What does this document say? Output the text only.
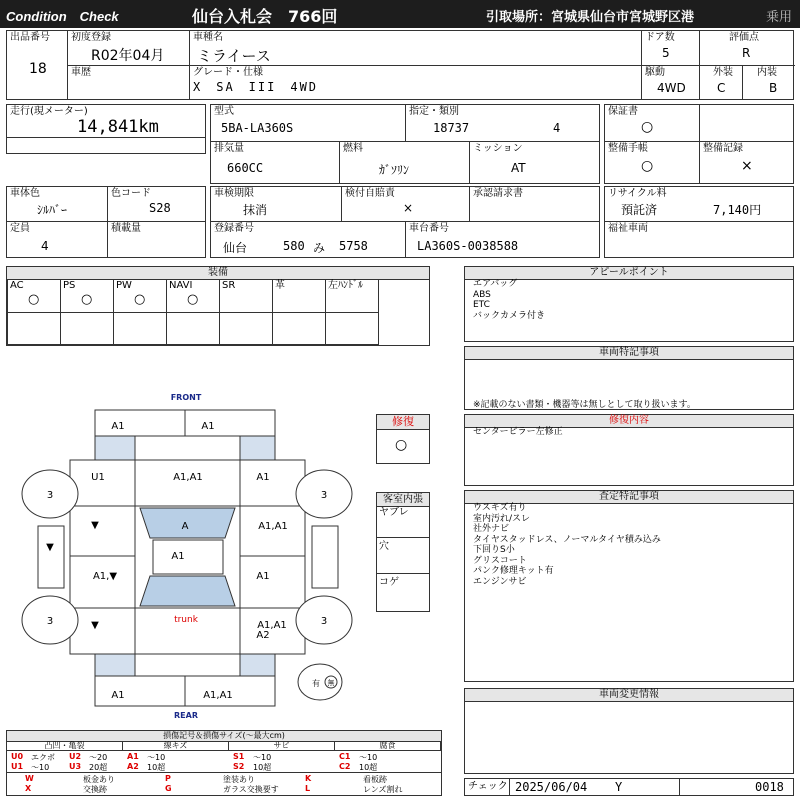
Condition　Check	仙台入札会　766回	引取場所：宮城県仙台市宮城野区港	乗用
出品番号
18
初度登録
R02年04月
車種名
ミライース
ドア数
5
評価点
R
車歴	グレード・仕様
X　SA　III　4WD
駆動
4WD
外装
C
内装
B
走行(現メーター)
14,841km
型式
5BA-LA360S
指定・類別
18737	4
排気量
660CC
燃料
ｶﾞｿﾘﾝ
ミッション
AT
保証書
○
整備手帳
○
整備記録
×
車体色
ｼﾙﾊﾞｰ
色コード
S28
定員
4
積載量
車検期限
抹消
検付自賠責
×
承認請求書
登録番号
仙台	580 み 5758
車台番号
LA360S-0038588
リサイクル料
預託済	7,140円
福祉車両
装備
AC
○
PS
○
PW
○
NAVI
○
SR	革	左ﾊﾝﾄﾞﾙ
アピールポイント
エアバッグ
ABS
ETC
バックカメラ付き
車両特記事項
※記載のない書類・機器等は無しとして取り扱います。
修復内容
センターピラー左修正
査定特記事項
ウスキズ有り
室内汚れ/スレ
社外ナビ
タイヤスタッドレス、ノーマルタイヤ積み込み
下回りS小
グリスコート
パンク修理キット有
エンジンサビ
車両変更情報
チェック 2025/06/04 Y	0018
修復
○
客室内張
ヤブレ
穴
コゲ
FRONT
REAR
A1	A1
U1	A1,A1	A1
A	A1,A1
▼
▼
A1
A1,▼	A1
▼	A1,A1
A2
A1	A1,A1
3	3
3	3
trunk
有 無
損傷記号＆損傷サイズ(〜最大cm)
凸凹・亀裂	線キズ	サビ	腐食
U0 エクボ U2 〜20 A1 〜10	S1 〜10	C1 〜10
U1 〜10 U3 20超 A2 10超	S2 10超	C2 10超
W	板金あり	P	塗装あり	K	看板跡
X	交換跡	G	ガラス交換要す	L	レンズ割れ
